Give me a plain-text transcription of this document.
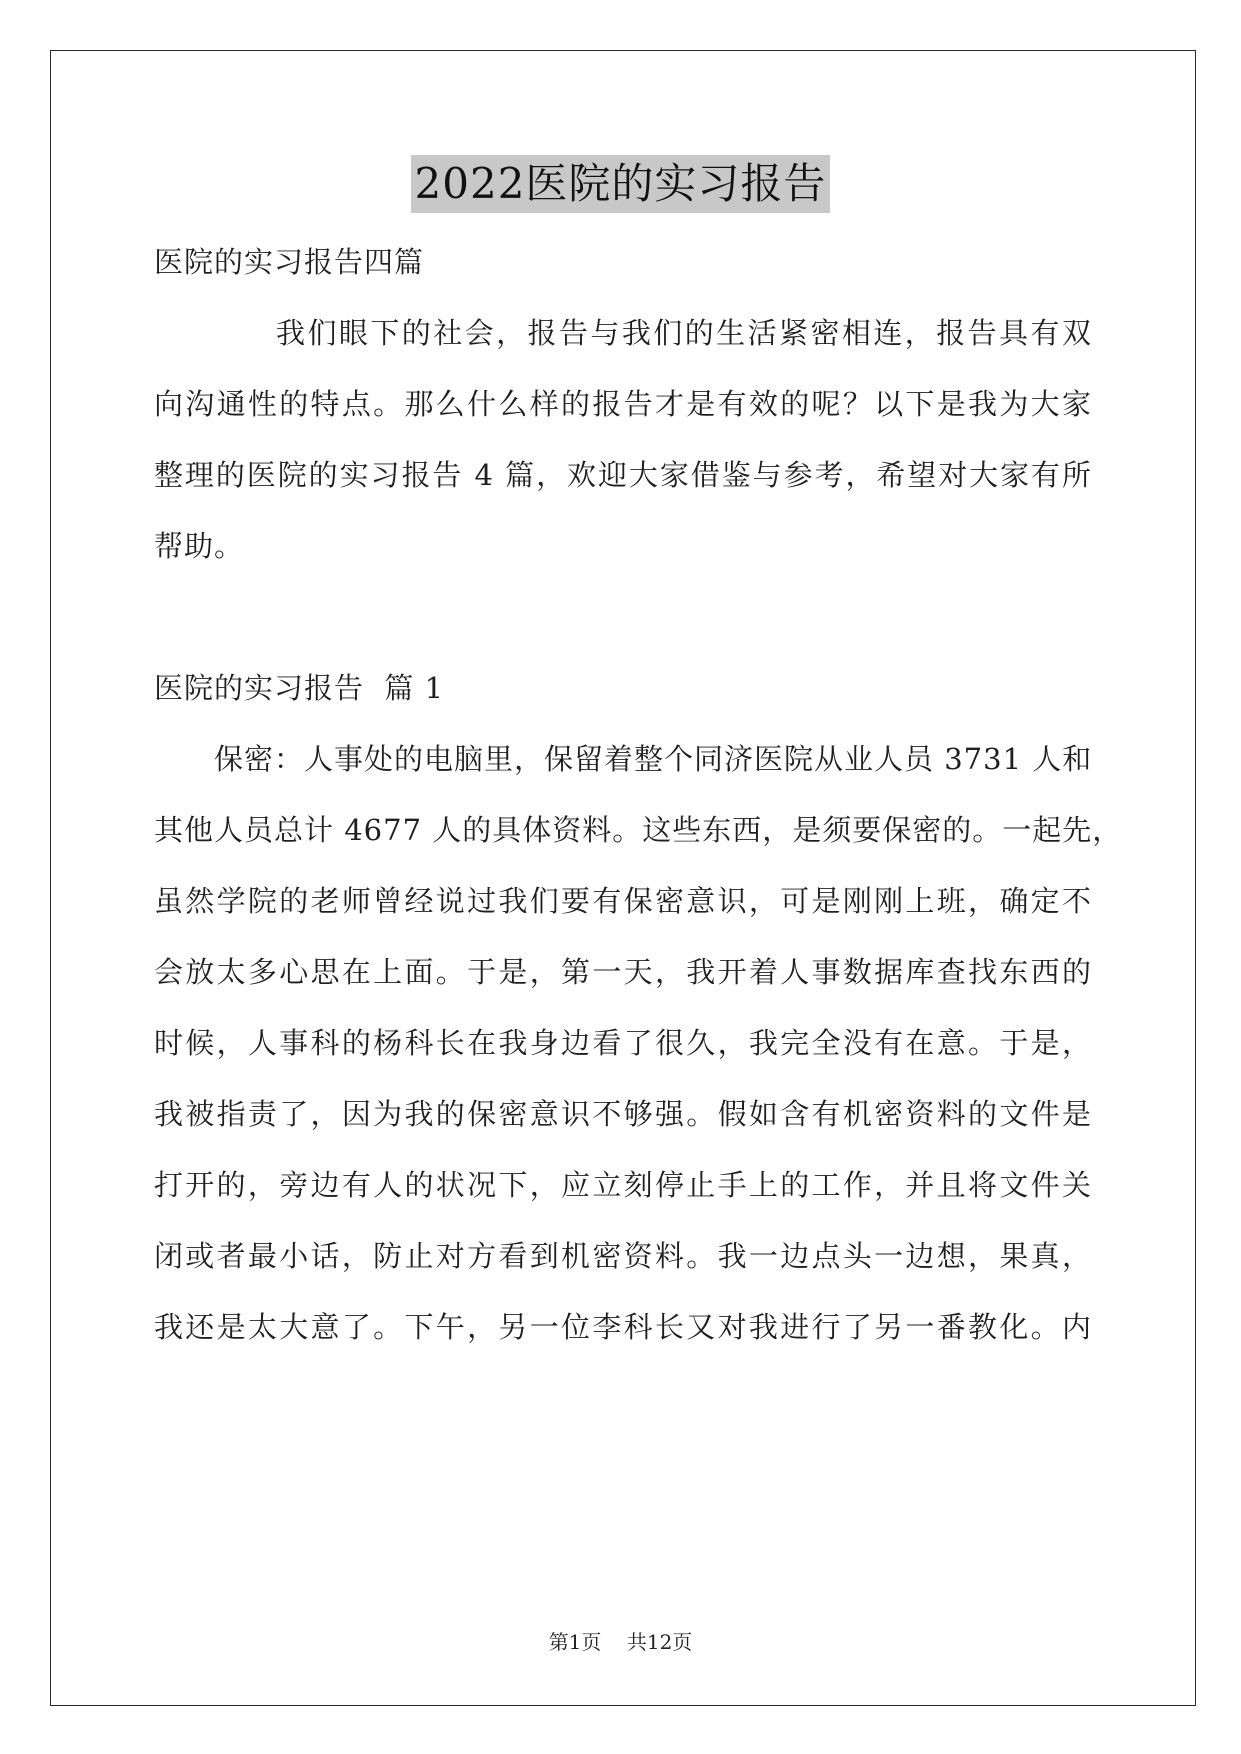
2022医院的实习报告
医院的实习报告四篇
我们眼下的社会，报告与我们的生活紧密相连，报告具有双
向沟通性的特点。那么什么样的报告才是有效的呢？以下是我为大家
整理的医院的实习报告 4 篇，欢迎大家借鉴与参考，希望对大家有所
帮助。
医院的实习报告  篇 1
保密：人事处的电脑里，保留着整个同济医院从业人员 3731 人和
其他人员总计 4677 人的具体资料。这些东西，是须要保密的。一起先，
虽然学院的老师曾经说过我们要有保密意识，可是刚刚上班，确定不
会放太多心思在上面。于是，第一天，我开着人事数据库查找东西的
时候，人事科的杨科长在我身边看了很久，我完全没有在意。于是，
我被指责了，因为我的保密意识不够强。假如含有机密资料的文件是
打开的，旁边有人的状况下，应立刻停止手上的工作，并且将文件关
闭或者最小话，防止对方看到机密资料。我一边点头一边想，果真，
我还是太大意了。下午，另一位李科长又对我进行了另一番教化。内
第1页 共12页
